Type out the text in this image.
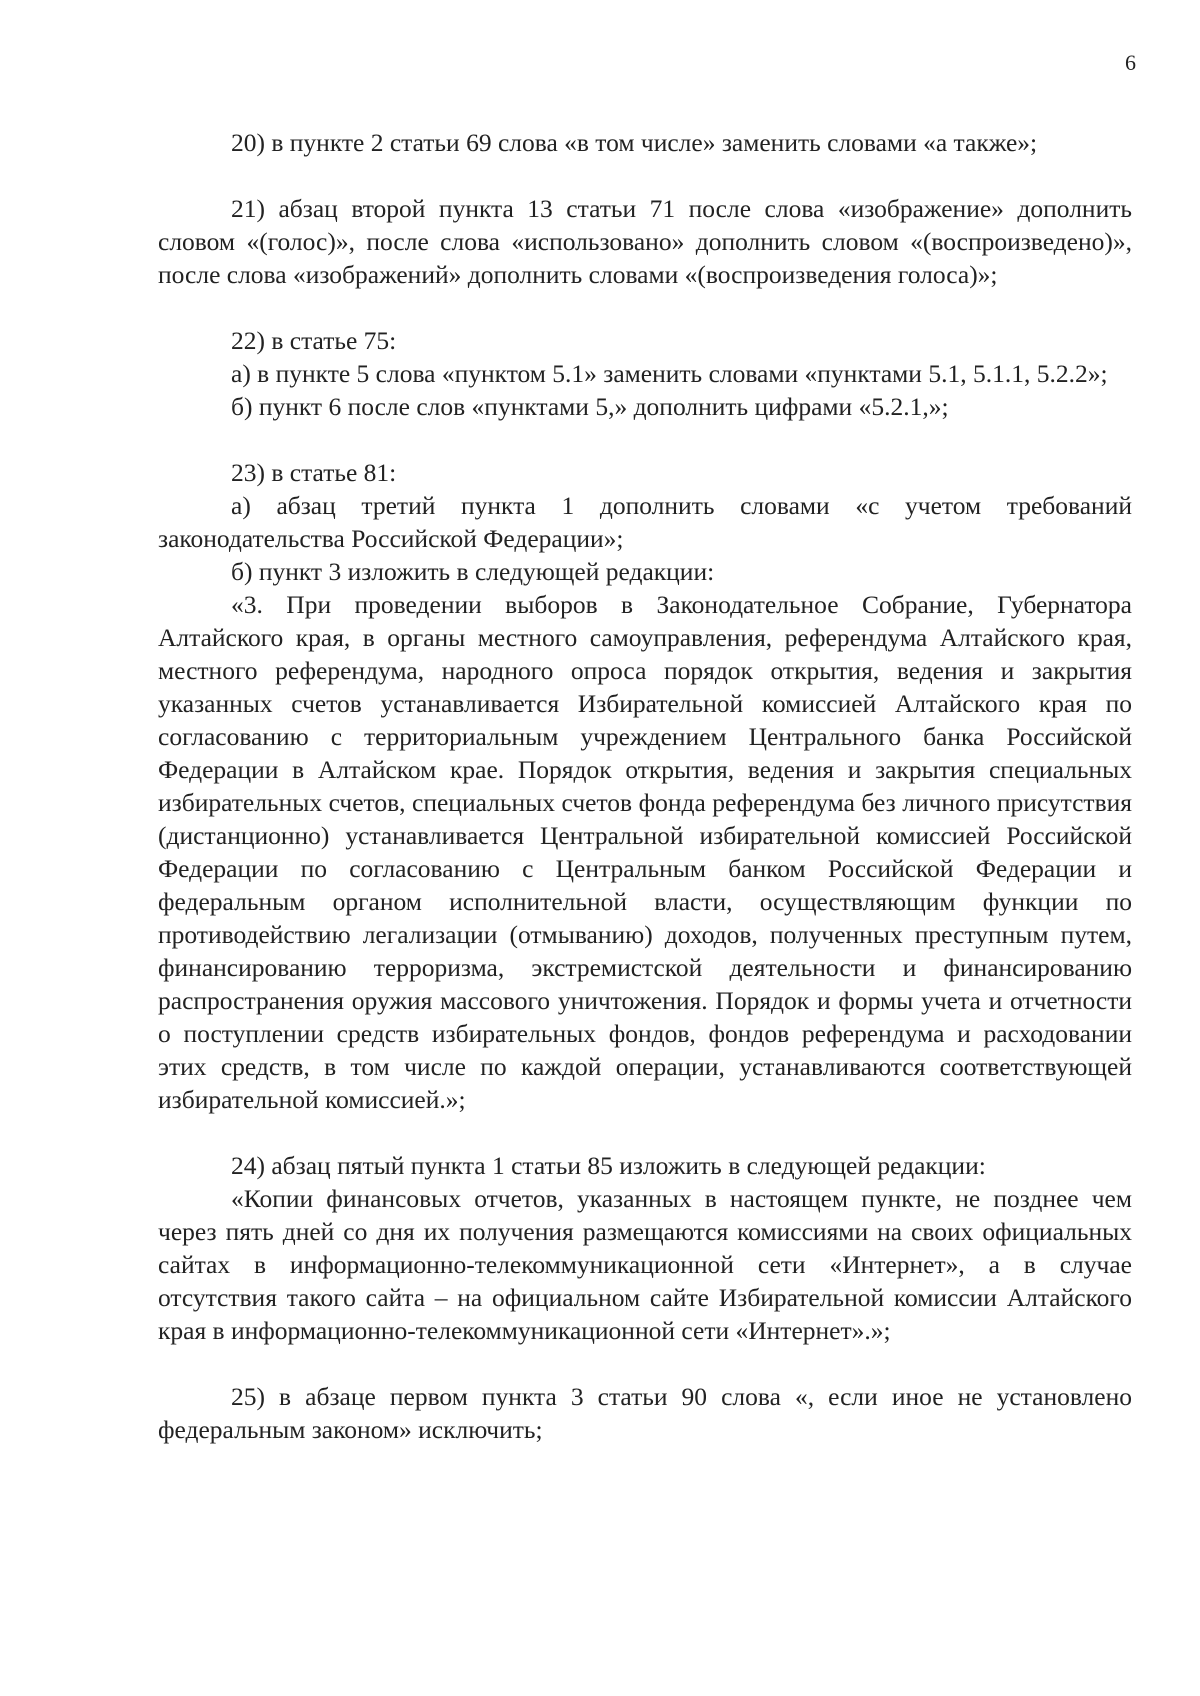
6

20) в пункте 2 статьи 69 слова «в том числе» заменить словами «а также»;

21) абзац второй пункта 13 статьи 71 после слова «изображение» дополнить словом «(голос)», после слова «использовано» дополнить словом «(воспроизведено)», после слова «изображений» дополнить словами «(воспроизведения голоса)»;

22) в статье 75:

а) в пункте 5 слова «пунктом 5.1» заменить словами «пунктами 5.1, 5.1.1, 5.2.2»;

б) пункт 6 после слов «пунктами 5,» дополнить цифрами «5.2.1,»;

23) в статье 81:

а) абзац третий пункта 1 дополнить словами «с учетом требований законодательства Российской Федерации»;

б) пункт 3 изложить в следующей редакции:

«3. При проведении выборов в Законодательное Собрание, Губернатора Алтайского края, в органы местного самоуправления, референдума Алтайского края, местного референдума, народного опроса порядок открытия, ведения и закрытия указанных счетов устанавливается Избирательной комиссией Алтайского края по согласованию с территориальным учреждением Центрального банка Российской Федерации в Алтайском крае. Порядок открытия, ведения и закрытия специальных избирательных счетов, специальных счетов фонда референдума без личного присутствия (дистанционно) устанавливается Центральной избирательной комиссией Российской Федерации по согласованию с Центральным банком Российской Федерации и федеральным органом исполнительной власти, осуществляющим функции по противодействию легализации (отмыванию) доходов, полученных преступным путем, финансированию терроризма, экстремистской деятельности и финансированию распространения оружия массового уничтожения. Порядок и формы учета и отчетности о поступлении средств избирательных фондов, фондов референдума и расходовании этих средств, в том числе по каждой операции, устанавливаются соответствующей избирательной комиссией.»;

24) абзац пятый пункта 1 статьи 85 изложить в следующей редакции:

«Копии финансовых отчетов, указанных в настоящем пункте, не позднее чем через пять дней со дня их получения размещаются комиссиями на своих официальных сайтах в информационно-телекоммуникационной сети «Интернет», а в случае отсутствия такого сайта – на официальном сайте Избирательной комиссии Алтайского края в информационно-телекоммуникационной сети «Интернет».»;

25) в абзаце первом пункта 3 статьи 90 слова «, если иное не установлено федеральным законом» исключить;
